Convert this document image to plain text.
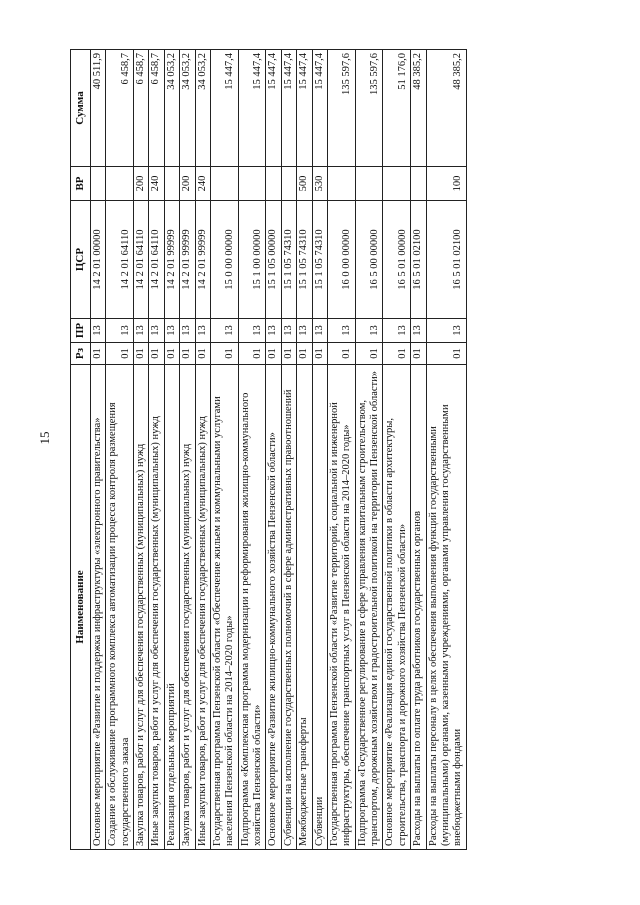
15
Наименование	Рз	ПР	ЦСР	ВР	Сумма
Основное мероприятие «Развитие и поддержка инфраструктуры «электронного правительства»	01	13	14 2 01 00000		40 511,9
Создание и обслуживание программного комплекса автоматизации процесса контроля размещения государственного заказа	01	13	14 2 01 64110		6 458,7
Закупка товаров, работ и услуг для обеспечения государственных (муниципальных) нужд	01	13	14 2 01 64110	200	6 458,7
Иные закупки товаров, работ и услуг для обеспечения государственных (муниципальных) нужд	01	13	14 2 01 64110	240	6 458,7
Реализация отдельных мероприятий	01	13	14 2 01 99999		34 053,2
Закупка товаров, работ и услуг для обеспечения государственных (муниципальных) нужд	01	13	14 2 01 99999	200	34 053,2
Иные закупки товаров, работ и услуг для обеспечения государственных (муниципальных) нужд	01	13	14 2 01 99999	240	34 053,2
Государственная программа Пензенской области «Обеспечение жильем и коммунальными услугами населения Пензенской области на 2014–2020 годы»	01	13	15 0 00 00000		15 447,4
Подпрограмма «Комплексная программа модернизации и реформирования жилищно-коммунального хозяйства Пензенской области»	01	13	15 1 00 00000		15 447,4
Основное мероприятие «Развитие жилищно-коммунального хозяйства Пензенской области»	01	13	15 1 05 00000		15 447,4
Субвенции на исполнение государственных полномочий в сфере административных правоотношений	01	13	15 1 05 74310		15 447,4
Межбюджетные трансферты	01	13	15 1 05 74310	500	15 447,4
Субвенции	01	13	15 1 05 74310	530	15 447,4
Государственная программа Пензенской области «Развитие территорий, социальной и инженерной инфраструктуры, обеспечение транспортных услуг в Пензенской области на 2014–2020 годы»	01	13	16 0 00 00000		135 597,6
Подпрограмма «Государственное регулирование в сфере управления капитальным строительством, транспортом, дорожным хозяйством и градостроительной политикой на территории Пензенской области»	01	13	16 5 00 00000		135 597,6
Основное мероприятие «Реализация единой государственной политики в области архитектуры, строительства, транспорта и дорожного хозяйства Пензенской области»	01	13	16 5 01 00000		51 176,0
Расходы на выплаты по оплате труда работников государственных органов	01	13	16 5 01 02100		48 385,2
Расходы на выплаты персоналу в целях обеспечения выполнения функций государственными (муниципальными) органами, казенными учреждениями, органами управления государственными внебюджетными фондами	01	13	16 5 01 02100	100	48 385,2
